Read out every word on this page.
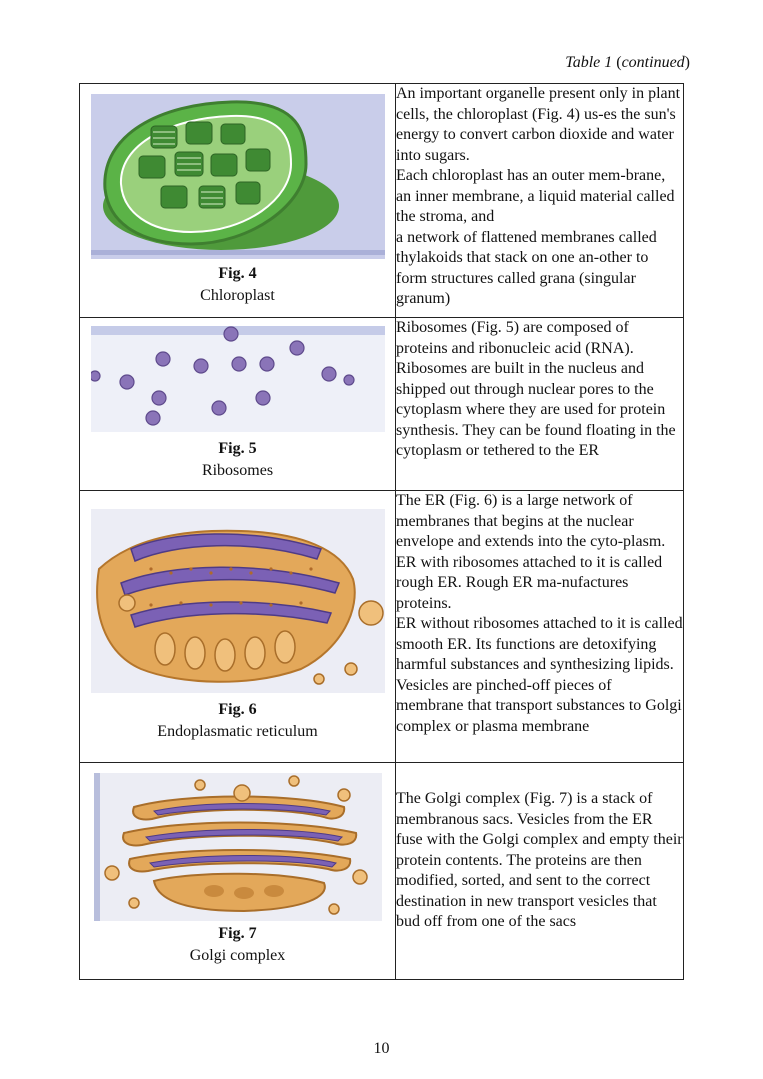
Table 1 (continued)
Fig. 4
Chloroplast	An important organelle present only in plant cells, the chloroplast (Fig. 4) us-es the sun's energy to convert carbon dioxide and water into sugars.
Each chloroplast has an outer mem-brane, an inner membrane, a liquid material called the stroma, and
a network of flattened membranes called thylakoids that stack on one an-other to form structures called grana (singular granum)

Fig. 5
Ribosomes	Ribosomes (Fig. 5) are composed of proteins and ribonucleic acid (RNA). Ribosomes are built in the nucleus and shipped out through nuclear pores to the cytoplasm where they are used for protein synthesis. They can be found floating in the cytoplasm or tethered to the ER

Fig. 6
Endoplasmatic reticulum	The ER (Fig. 6) is a large network of membranes that begins at the nuclear envelope and extends into the cyto-plasm. ER with ribosomes attached to it is called rough ER. Rough ER ma-nufactures proteins.
ER without ribosomes attached to it is called smooth ER. Its functions are detoxifying harmful substances and synthesizing lipids. Vesicles are pinched-off pieces of membrane that transport substances to Golgi complex or plasma membrane

Fig. 7
Golgi complex	The Golgi complex (Fig. 7) is a stack of membranous sacs. Vesicles from the ER fuse with the Golgi complex and empty their protein contents. The proteins are then modified, sorted, and sent to the correct destination in new transport vesicles that bud off from one of the sacs
10
